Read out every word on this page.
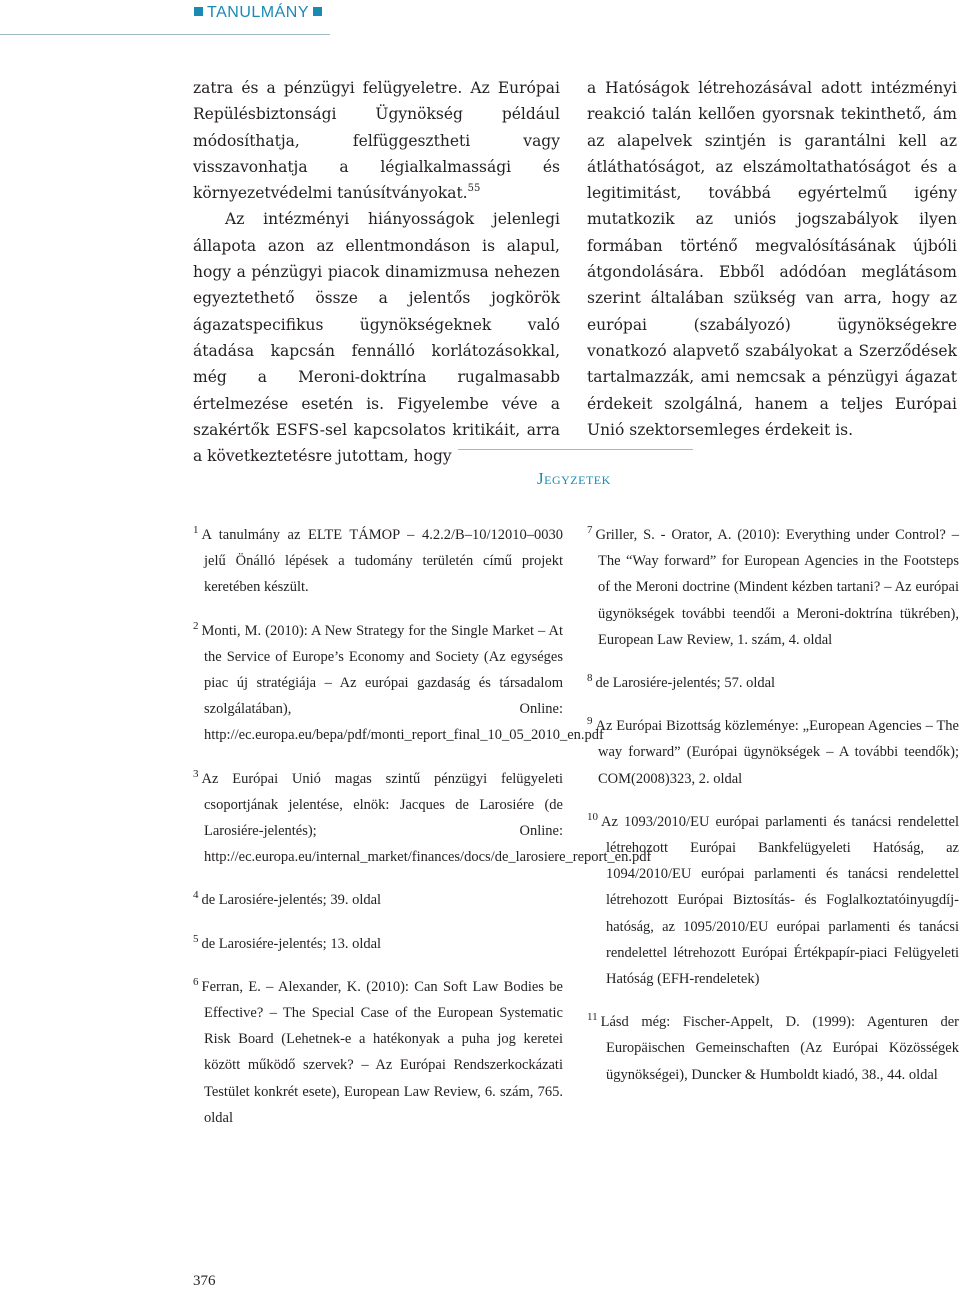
TANULMÁNY

zatra és a pénzügyi felügyeletre. Az Európai Repülésbiztonsági Ügynökség például módosíthatja, felfüggesztheti vagy visszavonhatja a légialkalmassági és környezetvédelmi tanúsítványokat.$^{55}$

Az intézményi hiányosságok jelenlegi állapota azon az ellentmondáson is alapul, hogy a pénzügyi piacok dinamizmusa nehezen egyeztethető össze a jelentős jogkörök ágazatspecifikus ügynökségeknek való átadása kapcsán fennálló korlátozásokkal, még a Meroni-doktrína rugalmasabb értelmezése esetén is. Figyelembe véve a szakértők ESFS-sel kapcsolatos kritikáit, arra a következtetésre jutottam, hogy

a Hatóságok létrehozásával adott intézményi reakció talán kellően gyorsnak tekinthető, ám az alapelvek szintjén is garantálni kell az átláthatóságot, az elszámoltathatóságot és a legitimitást, továbbá egyértelmű igény mutatkozik az uniós jogszabályok ilyen formában történő megvalósításának újbóli átgondolására. Ebből adódóan meglátásom szerint általában szükség van arra, hogy az európai (szabályozó) ügynökségekre vonatkozó alapvető szabályokat a Szerződések tartalmazzák, ami nemcsak a pénzügyi ágazat érdekeit szolgálná, hanem a teljes Európai Unió szektorsemleges érdekeit is.

Jegyzetek

$^1$ A tanulmány az ELTE TÁMOP – 4.2.2/B–10/12010–0030 jelű Önálló lépések a tudomány területén című projekt keretében készült.

$^2$ Monti, M. (2010): A New Strategy for the Single Market – At the Service of Europe’s Economy and Society (Az egységes piac új stratégiája – Az európai gazdaság és társadalom szolgálatában), Online: http://ec.europa.eu/bepa/pdf/monti_report_final_10_05_2010_en.pdf

$^3$ Az Európai Unió magas szintű pénzügyi felügyeleti csoportjának jelentése, elnök: Jacques de Larosiére (de Larosiére-jelentés); Online: http://ec.europa.eu/internal_market/finances/docs/de_larosiere_report_en.pdf

$^4$ de Larosiére-jelentés; 39. oldal

$^5$ de Larosiére-jelentés; 13. oldal

$^6$ Ferran, E. – Alexander, K. (2010): Can Soft Law Bodies be Effective? – The Special Case of the European Systematic Risk Board (Lehetnek-e a hatékonyak a puha jog keretei között működő szervek? – Az Európai Rendszerkockázati Testület konkrét esete), European Law Review, 6. szám, 765. oldal

$^7$ Griller, S. - Orator, A. (2010): Everything under Control? – The “Way forward” for European Agencies in the Footsteps of the Meroni doctrine (Mindent kézben tartani? – Az európai ügynökségek további teendői a Meroni-doktrína tükrében), European Law Review, 1. szám, 4. oldal

$^8$ de Larosiére-jelentés; 57. oldal

$^9$ Az Európai Bizottság közleménye: „European Agencies – The way forward” (Európai ügynökségek – A további teendők); COM(2008)323, 2. oldal

$^{10}$ Az 1093/2010/EU európai parlamenti és tanácsi rendelettel létrehozott Európai Bankfelügyeleti Hatóság, az 1094/2010/EU európai parlamenti és tanácsi rendelettel létrehozott Európai Biztosítás- és Foglalkoztatóinyugdíj-hatóság, az 1095/2010/EU európai parlamenti és tanácsi rendelettel létrehozott Európai Értékpapír-piaci Felügyeleti Hatóság (EFH-rendeletek)

$^{11}$ Lásd még: Fischer-Appelt, D. (1999): Agenturen der Europäischen Gemeinschaften (Az Európai Közösségek ügynökségei), Duncker & Humboldt kiadó, 38., 44. oldal

376
